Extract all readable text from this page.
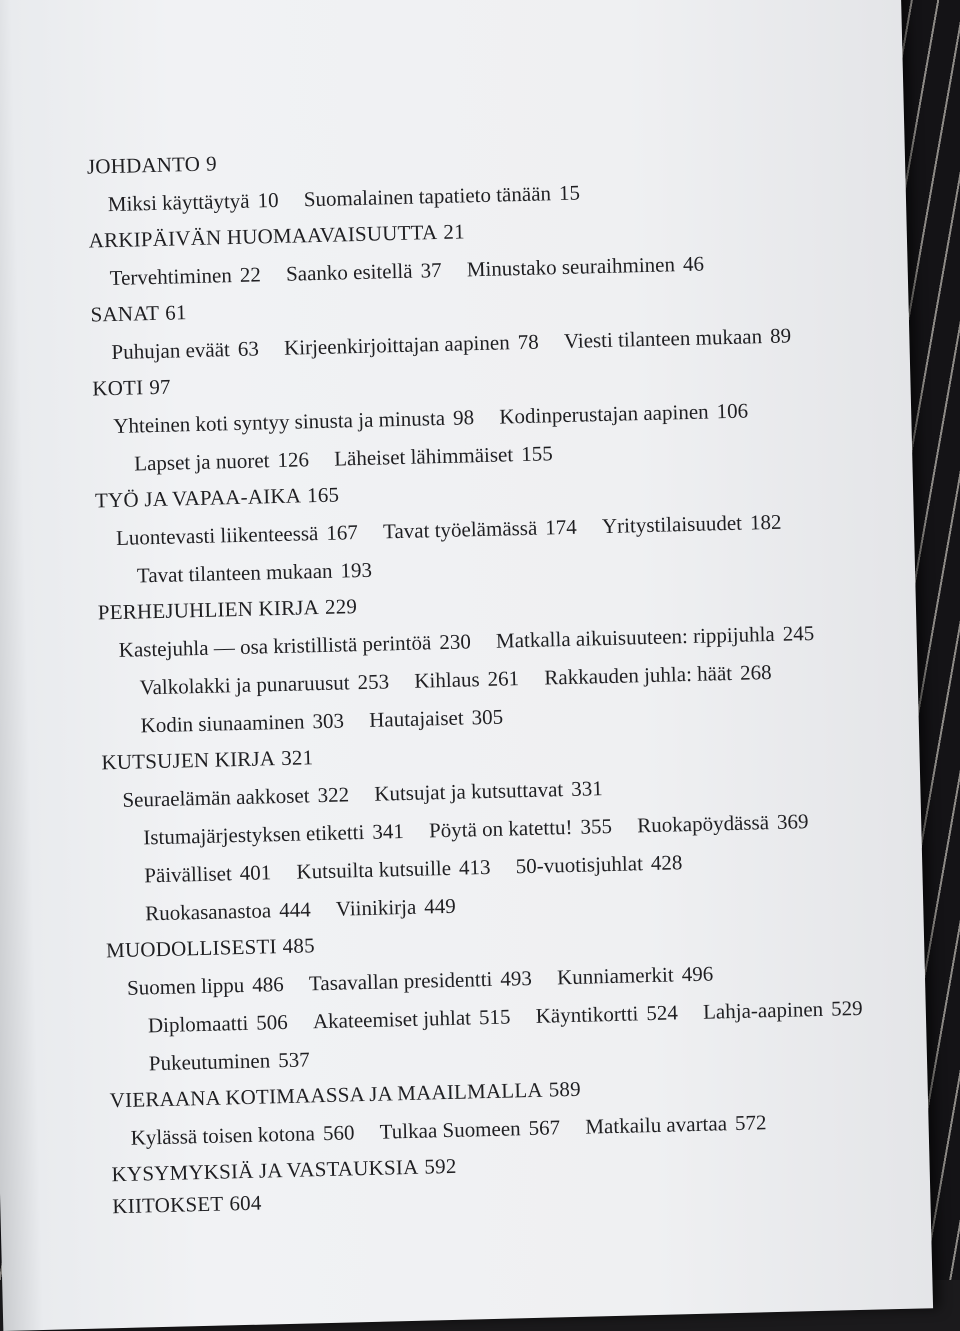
JOHDANTO 9
Miksi käyttäytyä 10 Suomalainen tapatieto tänään 15
ARKIPÄIVÄN HUOMAAVAISUUTTA 21
Tervehtiminen 22 Saanko esitellä 37 Minustako seuraihminen 46
SANAT 61
Puhujan eväät 63 Kirjeenkirjoittajan aapinen 78 Viesti tilanteen mukaan 89
KOTI 97
Yhteinen koti syntyy sinusta ja minusta 98 Kodinperustajan aapinen 106 Lapset ja nuoret 126 Läheiset lähimmäiset 155
TYÖ JA VAPAA-AIKA 165
Luontevasti liikenteessä 167 Tavat työelämässä 174 Yritystilaisuudet 182 Tavat tilanteen mukaan 193
PERHEJUHLIEN KIRJA 229
Kastejuhla — osa kristillistä perintöä 230 Matkalla aikuisuuteen: rippijuhla 245 Valkolakki ja punaruusut 253 Kihlaus 261 Rakkauden juhla: häät 268 Kodin siunaaminen 303 Hautajaiset 305
KUTSUJEN KIRJA 321
Seuraelämän aakkoset 322 Kutsujat ja kutsuttavat 331 Istumajärjestyksen etiketti 341 Pöytä on katettu! 355 Ruokapöydässä 369 Päivälliset 401 Kutsuilta kutsuille 413 50-vuotisjuhlat 428 Ruokasanastoa 444 Viinikirja 449
MUODOLLISESTI 485
Suomen lippu 486 Tasavallan presidentti 493 Kunniamerkit 496 Diplomaatti 506 Akateemiset juhlat 515 Käyntikortti 524 Lahja-aapinen 529 Pukeutuminen 537
VIERAANA KOTIMAASSA JA MAAILMALLA 589
Kylässä toisen kotona 560 Tulkaa Suomeen 567 Matkailu avartaa 572
KYSYMYKSIÄ JA VASTAUKSIA 592
KIITOKSET 604
